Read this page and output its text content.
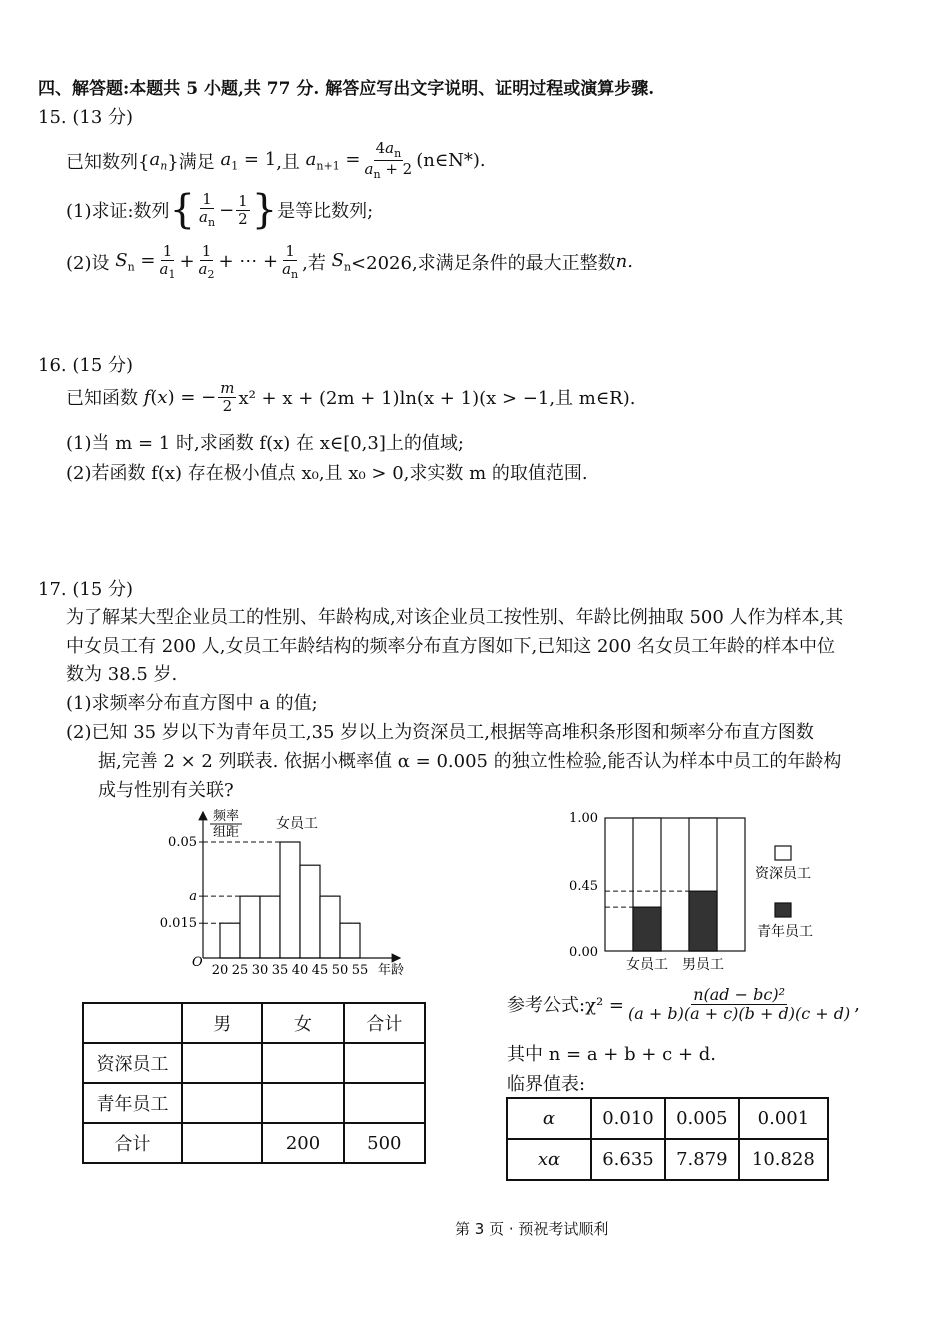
四、解答题:本题共 5 小题,共 77 分. 解答应写出文字说明、证明过程或演算步骤.
15. (13 分)
已知数列{ $a_n$ }满足 $a_1 = 1$ ,且 $a_{n+1} = \frac{4a_n}{a_n + 2}$ (n∈N*).
(1)求证:数列 { $\frac{1}{a_n} - \frac{1}{2}$ } 是等比数列;
(2)设 $S_n = \frac{1}{a_1} + \frac{1}{a_2}$ + ⋯ + $\frac{1}{a_n}$ ,若 $S_n <2026$,求满足条件的最大正整数 n.
16. (15 分)
已知函数 f (x) = − $\frac{m}{2} x^2 + x + (2m + 1)\ln(x + 1)(x > -1$,且 m∈R).
(1)当 m = 1 时,求函数 f(x) 在 x∈[0,3]上的值域;
(2)若函数 f(x) 存在极小值点 x₀,且 x₀ > 0,求实数 m 的取值范围.
17. (15 分)
为了解某大型企业员工的性别、年龄构成,对该企业员工按性别、年龄比例抽取 500 人作为样本,其
中女员工有 200 人,女员工年龄结构的频率分布直方图如下,已知这 200 名女员工年龄的样本中位
数为 38.5 岁.
(1)求频率分布直方图中 a 的值;
(2)已知 35 岁以下为青年员工,35 岁以上为资深员工,根据等高堆积条形图和频率分布直方图数
据,完善 2 × 2 列联表. 依据小概率值 α = 0.005 的独立性检验,能否认为样本中员工的年龄构
成与性别有关联?
频率
组距
女员工
0.05
a
0.015
20 25 30 35 40 45 50 55
O
年龄
1.00
0.45
0.00
女员工 男员工
资深员工
青年员工
	男	女	合计
资深员工			
青年员工			
合计		200	500
参考公式:χ² = $\frac{\text{n(ad − bc)²}}{(a + b)(a + c)(b + d)(c + d)}$ ,
其中 n = a + b + c + d.
临界值表:
α	0.010	0.005	0.001
xα	6.635	7.879	10.828
第 3 页 · 预祝考试顺利
